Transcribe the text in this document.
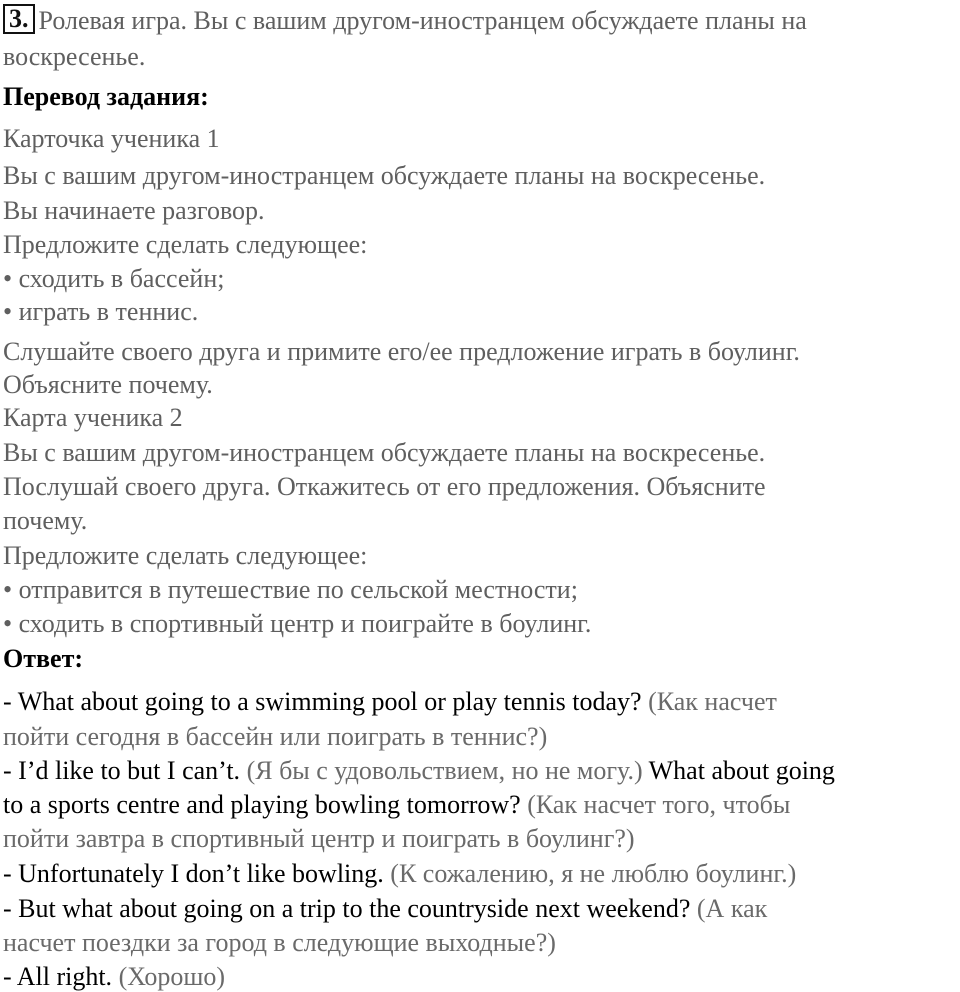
3. Ролевая игра. Вы с вашим другом-иностранцем обсуждаете планы на
воскресенье.
Перевод задания:
Карточка ученика 1
Вы с вашим другом-иностранцем обсуждаете планы на воскресенье.
Вы начинаете разговор.
Предложите сделать следующее:
• сходить в бассейн;
• играть в теннис.
Слушайте своего друга и примите его/ее предложение играть в боулинг.
Объясните почему.
Карта ученика 2
Вы с вашим другом-иностранцем обсуждаете планы на воскресенье.
Послушай своего друга. Откажитесь от его предложения. Объясните
почему.
Предложите сделать следующее:
• отправится в путешествие по сельской местности;
• сходить в спортивный центр и поиграйте в боулинг.
Ответ:
- What about going to a swimming pool or play tennis today? (Как насчет
пойти сегодня в бассейн или поиграть в теннис?)
- I’d like to but I can’t. (Я бы с удовольствием, но не могу.) What about going
to a sports centre and playing bowling tomorrow? (Как насчет того, чтобы
пойти завтра в спортивный центр и поиграть в боулинг?)
- Unfortunately I don’t like bowling. (К сожалению, я не люблю боулинг.)
- But what about going on a trip to the countryside next weekend? (А как
насчет поездки за город в следующие выходные?)
- All right. (Хорошо)
